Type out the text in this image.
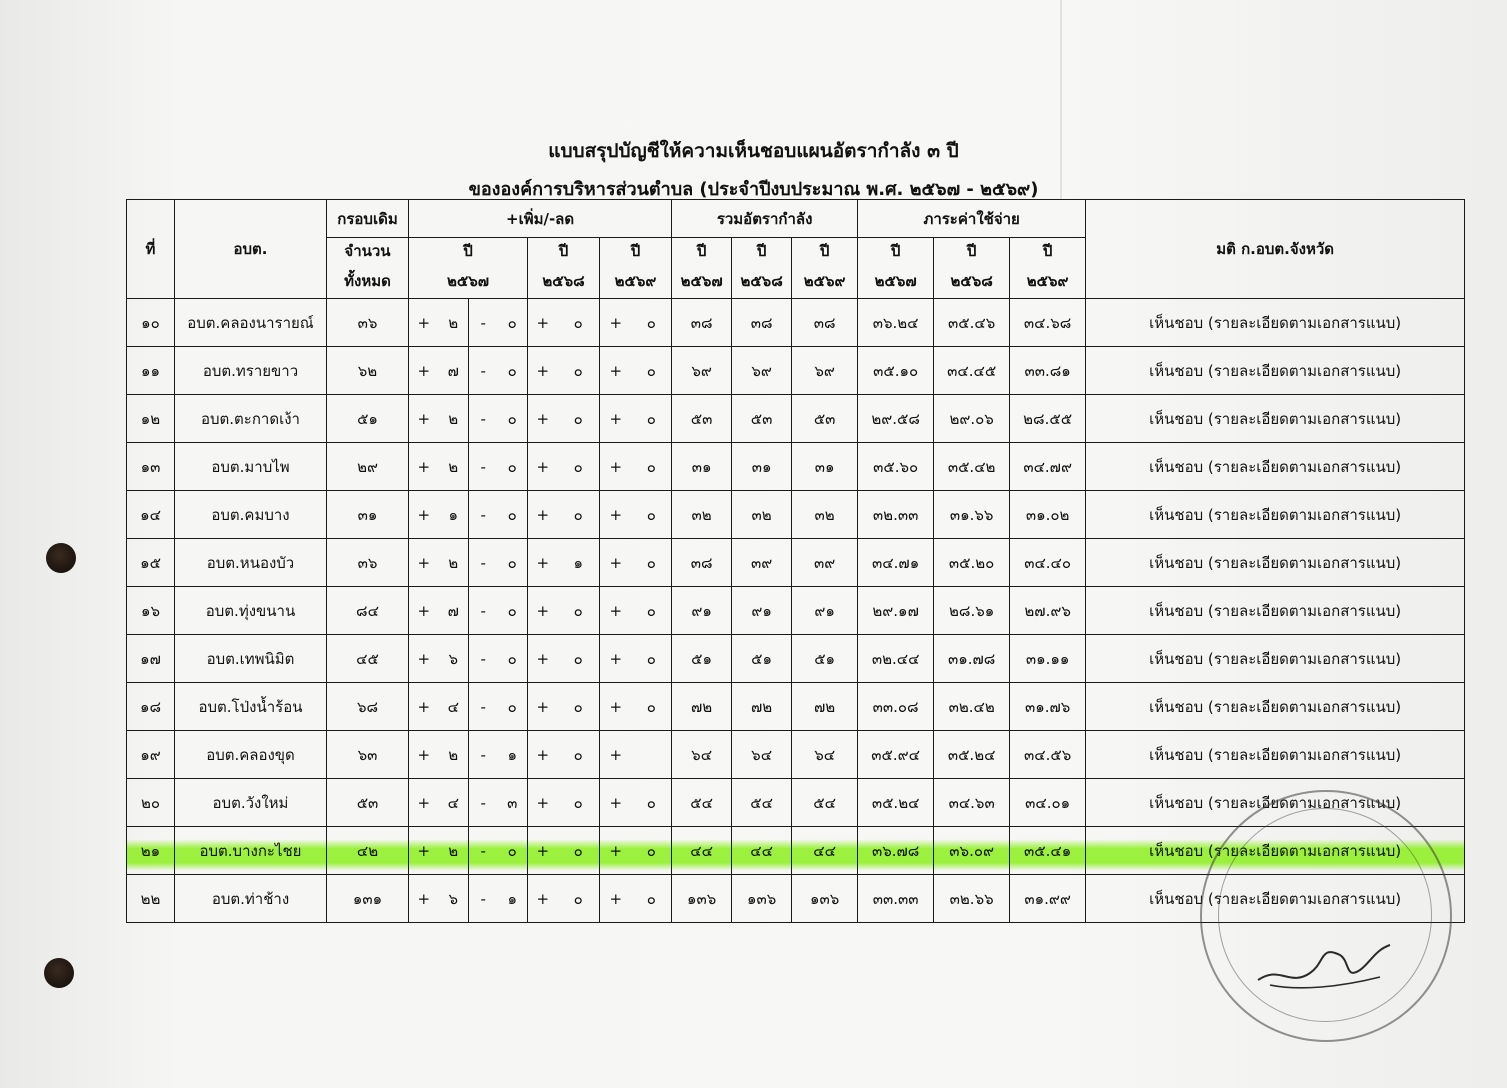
แบบสรุปบัญชีให้ความเห็นชอบแผนอัตรากำลัง ๓ ปี
ขององค์การบริหารส่วนตำบล (ประจำปีงบประมาณ พ.ศ. ๒๕๖๗ - ๒๕๖๙)
ที่	อบต.	กรอบเดิม	+เพิ่ม/-ลด								รวมอัตรากำลัง			ภาระค่าใช้จ่าย			มติ ก.อบต.จังหวัด
		จำนวน	ปี				ปี		ปี		ปี	ปี	ปี	ปี	ปี	ปี	
		ทั้งหมด	๒๕๖๗				๒๕๖๘		๒๕๖๙		๒๕๖๗	๒๕๖๘	๒๕๖๙	๒๕๖๗	๒๕๖๘	๒๕๖๙	
๑๐	อบต.คลองนารายณ์	๓๖	+	๒	-	๐	+	๐	+	๐	๓๘	๓๘	๓๘	๓๖.๒๔	๓๕.๔๖	๓๔.๖๘	เห็นชอบ (รายละเอียดตามเอกสารแนบ)
๑๑	อบต.ทรายขาว	๖๒	+	๗	-	๐	+	๐	+	๐	๖๙	๖๙	๖๙	๓๕.๑๐	๓๔.๔๕	๓๓.๘๑	เห็นชอบ (รายละเอียดตามเอกสารแนบ)
๑๒	อบต.ตะกาดเง้า	๕๑	+	๒	-	๐	+	๐	+	๐	๕๓	๕๓	๕๓	๒๙.๕๘	๒๙.๐๖	๒๘.๕๕	เห็นชอบ (รายละเอียดตามเอกสารแนบ)
๑๓	อบต.มาบไพ	๒๙	+	๒	-	๐	+	๐	+	๐	๓๑	๓๑	๓๑	๓๕.๖๐	๓๕.๔๒	๓๔.๗๙	เห็นชอบ (รายละเอียดตามเอกสารแนบ)
๑๔	อบต.คมบาง	๓๑	+	๑	-	๐	+	๐	+	๐	๓๒	๓๒	๓๒	๓๒.๓๓	๓๑.๖๖	๓๑.๐๒	เห็นชอบ (รายละเอียดตามเอกสารแนบ)
๑๕	อบต.หนองบัว	๓๖	+	๒	-	๐	+	๑	+	๐	๓๘	๓๙	๓๙	๓๔.๗๑	๓๕.๒๐	๓๔.๔๐	เห็นชอบ (รายละเอียดตามเอกสารแนบ)
๑๖	อบต.ทุ่งขนาน	๘๔	+	๗	-	๐	+	๐	+	๐	๙๑	๙๑	๙๑	๒๙.๑๗	๒๘.๖๑	๒๗.๙๖	เห็นชอบ (รายละเอียดตามเอกสารแนบ)
๑๗	อบต.เทพนิมิต	๔๕	+	๖	-	๐	+	๐	+	๐	๕๑	๕๑	๕๑	๓๒.๔๔	๓๑.๗๘	๓๑.๑๑	เห็นชอบ (รายละเอียดตามเอกสารแนบ)
๑๘	อบต.โป่งน้ำร้อน	๖๘	+	๔	-	๐	+	๐	+	๐	๗๒	๗๒	๗๒	๓๓.๐๘	๓๒.๔๒	๓๑.๗๖	เห็นชอบ (รายละเอียดตามเอกสารแนบ)
๑๙	อบต.คลองขุด	๖๓	+	๒	-	๑	+	๐	+		๖๔	๖๔	๖๔	๓๕.๙๔	๓๕.๒๔	๓๔.๕๖	เห็นชอบ (รายละเอียดตามเอกสารแนบ)
๒๐	อบต.วังใหม่	๕๓	+	๔	-	๓	+	๐	+	๐	๕๔	๕๔	๕๔	๓๕.๒๔	๓๔.๖๓	๓๔.๐๑	เห็นชอบ (รายละเอียดตามเอกสารแนบ)
๒๑	อบต.บางกะไชย	๔๒	+	๒	-	๐	+	๐	+	๐	๔๔	๔๔	๔๔	๓๖.๗๘	๓๖.๐๙	๓๕.๔๑	เห็นชอบ (รายละเอียดตามเอกสารแนบ)
๒๒	อบต.ท่าช้าง	๑๓๑	+	๖	-	๑	+	๐	+	๐	๑๓๖	๑๓๖	๑๓๖	๓๓.๓๓	๓๒.๖๖	๓๑.๙๙	เห็นชอบ (รายละเอียดตามเอกสารแนบ)
